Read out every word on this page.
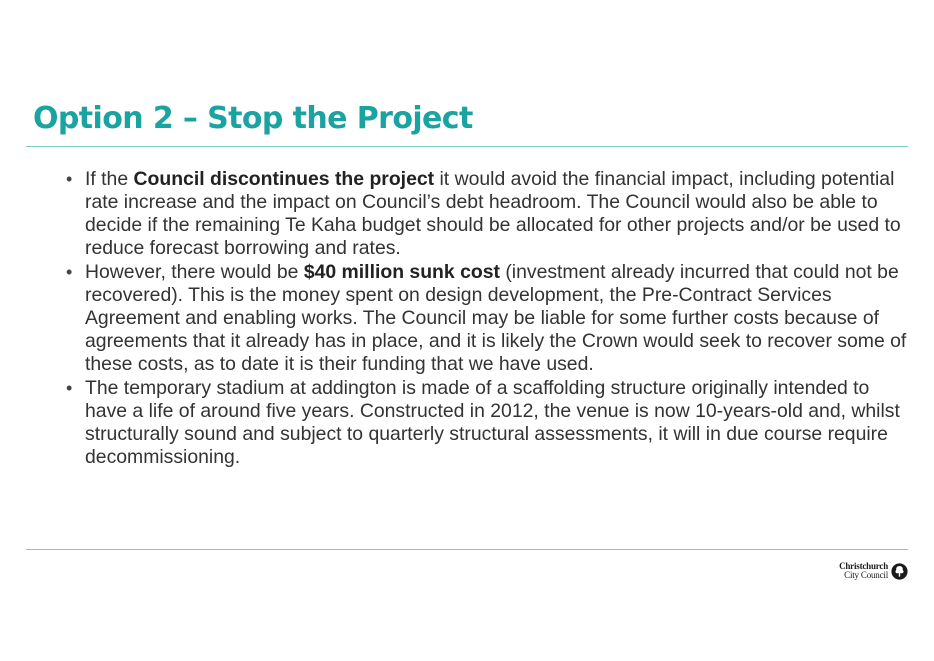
Option 2 – Stop the Project
• If the Council discontinues the project it would avoid the financial impact, including potential rate increase and the impact on Council’s debt headroom. The Council would also be able to decide if the remaining Te Kaha budget should be allocated for other projects and/or be used to reduce forecast borrowing and rates.
• However, there would be $40 million sunk cost (investment already incurred that could not be recovered). This is the money spent on design development, the Pre-Contract Services Agreement and enabling works. The Council may be liable for some further costs because of agreements that it already has in place, and it is likely the Crown would seek to recover some of these costs, as to date it is their funding that we have used.
• The temporary stadium at addington is made of a scaffolding structure originally intended to have a life of around five years. Constructed in 2012, the venue is now 10-years-old and, whilst structurally sound and subject to quarterly structural assessments, it will in due course require decommissioning.
Christchurch
City Council
